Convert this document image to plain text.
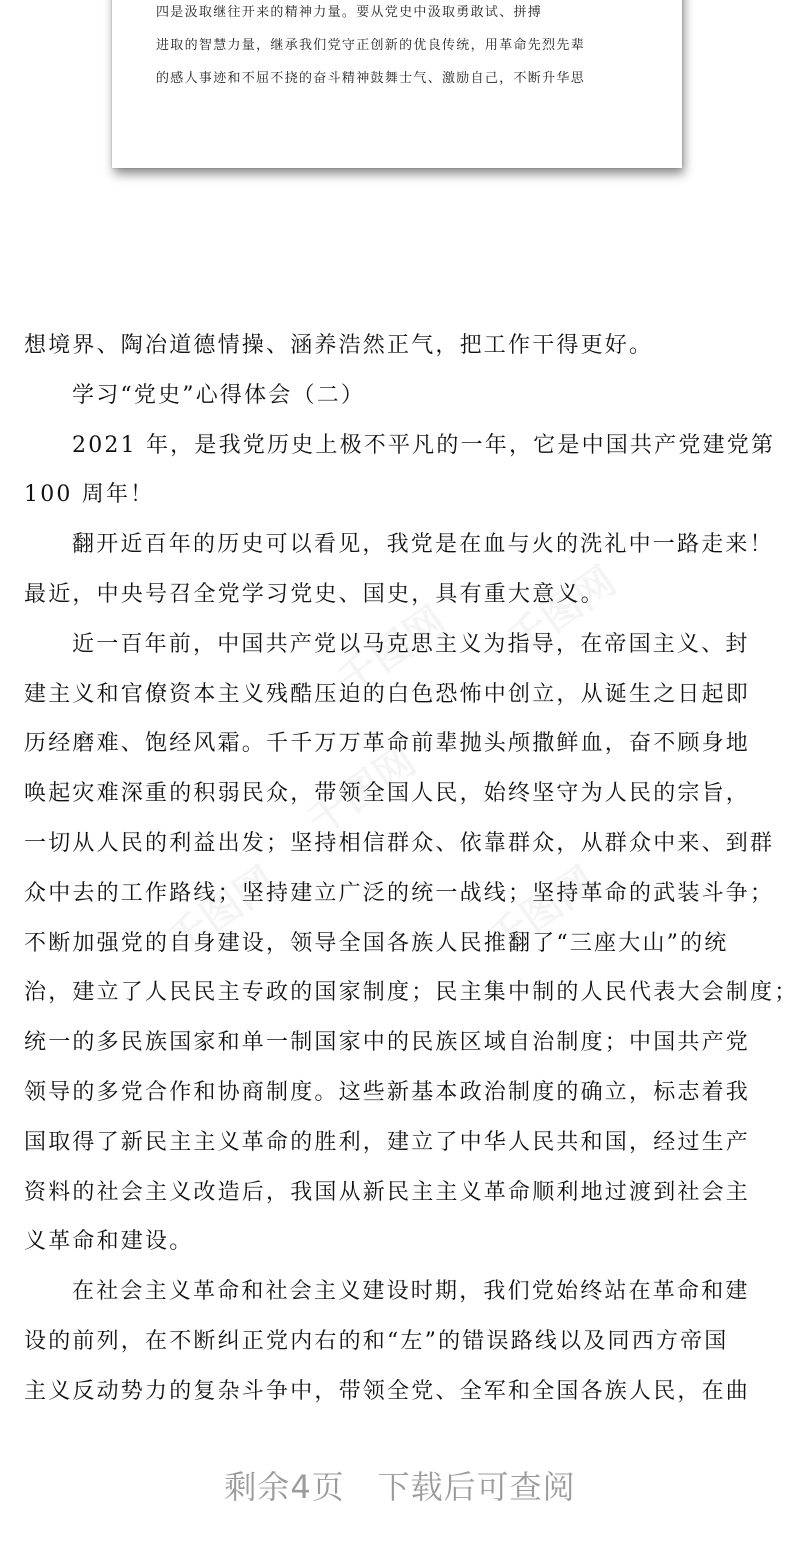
四是汲取继往开来的精神力量。要从党史中汲取勇敢试、拼搏

进取的智慧力量，继承我们党守正创新的优良传统，用革命先烈先辈

的感人事迹和不屈不挠的奋斗精神鼓舞士气、激励自己，不断升华思

想境界、陶冶道德情操、涵养浩然正气，把工作干得更好。

学习“党史”心得体会（二）

2021 年，是我党历史上极不平凡的一年，它是中国共产党建党第

100 周年！

翻开近百年的历史可以看见，我党是在血与火的洗礼中一路走来！

最近，中央号召全党学习党史、国史，具有重大意义。

近一百年前，中国共产党以马克思主义为指导，在帝国主义、封

建主义和官僚资本主义残酷压迫的白色恐怖中创立，从诞生之日起即

历经磨难、饱经风霜。千千万万革命前辈抛头颅撒鲜血，奋不顾身地

唤起灾难深重的积弱民众，带领全国人民，始终坚守为人民的宗旨，

一切从人民的利益出发；坚持相信群众、依靠群众，从群众中来、到群

众中去的工作路线；坚持建立广泛的统一战线；坚持革命的武装斗争；

不断加强党的自身建设，领导全国各族人民推翻了“三座大山”的统

治，建立了人民民主专政的国家制度；民主集中制的人民代表大会制度；

统一的多民族国家和单一制国家中的民族区域自治制度；中国共产党

领导的多党合作和协商制度。这些新基本政治制度的确立，标志着我

国取得了新民主主义革命的胜利，建立了中华人民共和国，经过生产

资料的社会主义改造后，我国从新民主主义革命顺利地过渡到社会主

义革命和建设。

在社会主义革命和社会主义建设时期，我们党始终站在革命和建

设的前列，在不断纠正党内右的和“左”的错误路线以及同西方帝国

主义反动势力的复杂斗争中，带领全党、全军和全国各族人民，在曲

剩余4页　下载后可查阅
